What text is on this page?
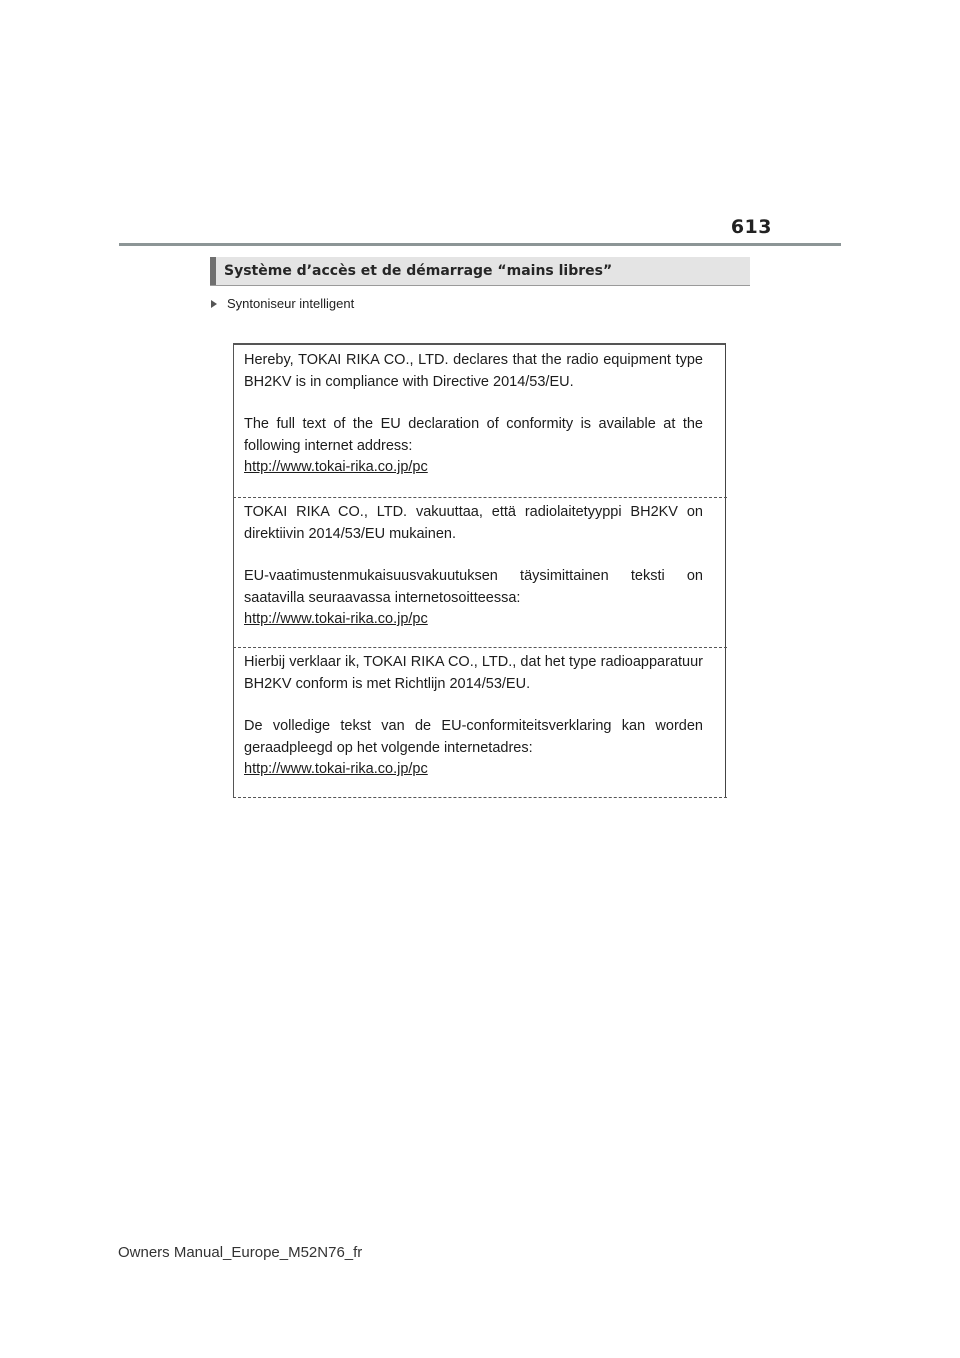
613
Système d’accès et de démarrage “mains libres”
Syntoniseur intelligent

Hereby, TOKAI RIKA CO., LTD. declares that the radio equipment type BH2KV is in compliance with Directive 2014/53/EU.

The full text of the EU declaration of conformity is available at the following internet address:

http://www.tokai-rika.co.jp/pc

TOKAI RIKA CO., LTD. vakuuttaa, että radiolaitetyyppi BH2KV on direktiivin 2014/53/EU mukainen.

EU-vaatimustenmukaisuusvakuutuksen täysimittainen teksti on saatavilla seuraavassa internetosoitteessa:

http://www.tokai-rika.co.jp/pc

Hierbij verklaar ik, TOKAI RIKA CO., LTD., dat het type radioapparatuur BH2KV conform is met Richtlijn 2014/53/EU.

De volledige tekst van de EU-conformiteitsverklaring kan worden geraadpleegd op het volgende internetadres:

http://www.tokai-rika.co.jp/pc
Owners Manual_Europe_M52N76_fr
